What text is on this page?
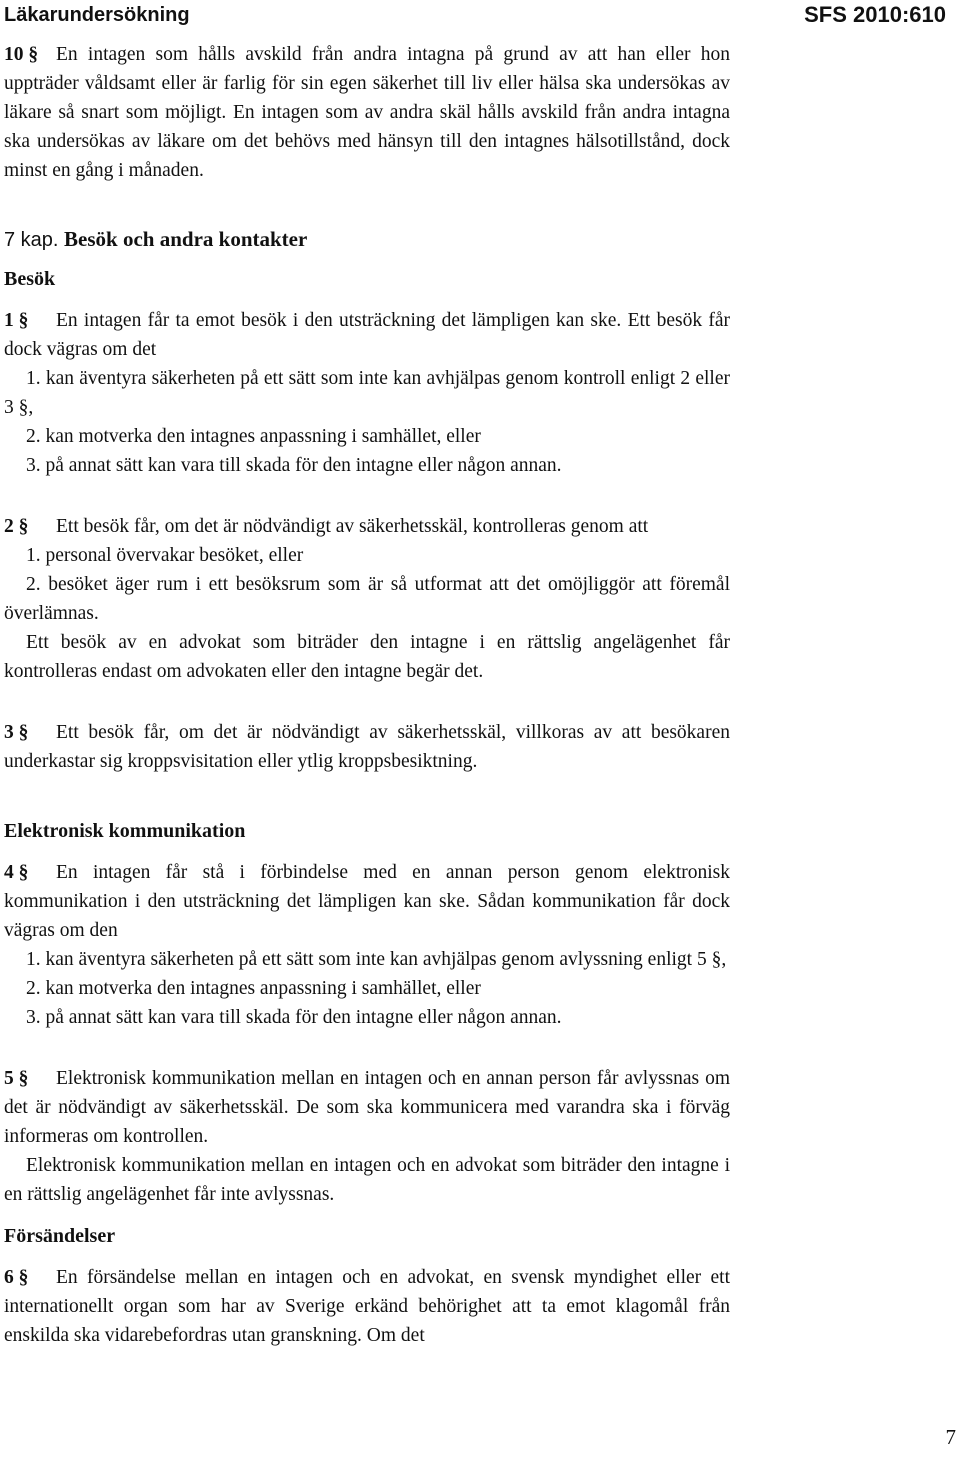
Läkarundersökning	SFS 2010:610

10 § En intagen som hålls avskild från andra intagna på grund av att han eller hon uppträder våldsamt eller är farlig för sin egen säkerhet till liv eller hälsa ska undersökas av läkare så snart som möjligt. En intagen som av andra skäl hålls avskild från andra intagna ska undersökas av läkare om det behövs med hänsyn till den intagnes hälsotillstånd, dock minst en gång i månaden.

7 kap. Besök och andra kontakter

Besök

1 § En intagen får ta emot besök i den utsträckning det lämpligen kan ske. Ett besök får dock vägras om det

1. kan äventyra säkerheten på ett sätt som inte kan avhjälpas genom kontroll enligt 2 eller 3 §,

2. kan motverka den intagnes anpassning i samhället, eller

3. på annat sätt kan vara till skada för den intagne eller någon annan.

2 § Ett besök får, om det är nödvändigt av säkerhetsskäl, kontrolleras genom att

1. personal övervakar besöket, eller

2. besöket äger rum i ett besöksrum som är så utformat att det omöjliggör att föremål överlämnas.

Ett besök av en advokat som biträder den intagne i en rättslig angelägenhet får kontrolleras endast om advokaten eller den intagne begär det.

3 § Ett besök får, om det är nödvändigt av säkerhetsskäl, villkoras av att besökaren underkastar sig kroppsvisitation eller ytlig kroppsbesiktning.

Elektronisk kommunikation

4 § En intagen får stå i förbindelse med en annan person genom elektronisk kommunikation i den utsträckning det lämpligen kan ske. Sådan kommunikation får dock vägras om den

1. kan äventyra säkerheten på ett sätt som inte kan avhjälpas genom avlyssning enligt 5 §,

2. kan motverka den intagnes anpassning i samhället, eller

3. på annat sätt kan vara till skada för den intagne eller någon annan.

5 § Elektronisk kommunikation mellan en intagen och en annan person får avlyssnas om det är nödvändigt av säkerhetsskäl. De som ska kommunicera med varandra ska i förväg informeras om kontrollen.

Elektronisk kommunikation mellan en intagen och en advokat som biträder den intagne i en rättslig angelägenhet får inte avlyssnas.

Försändelser

6 § En försändelse mellan en intagen och en advokat, en svensk myndighet eller ett internationellt organ som har av Sverige erkänd behörighet att ta emot klagomål från enskilda ska vidarebefordras utan granskning. Om det

7
